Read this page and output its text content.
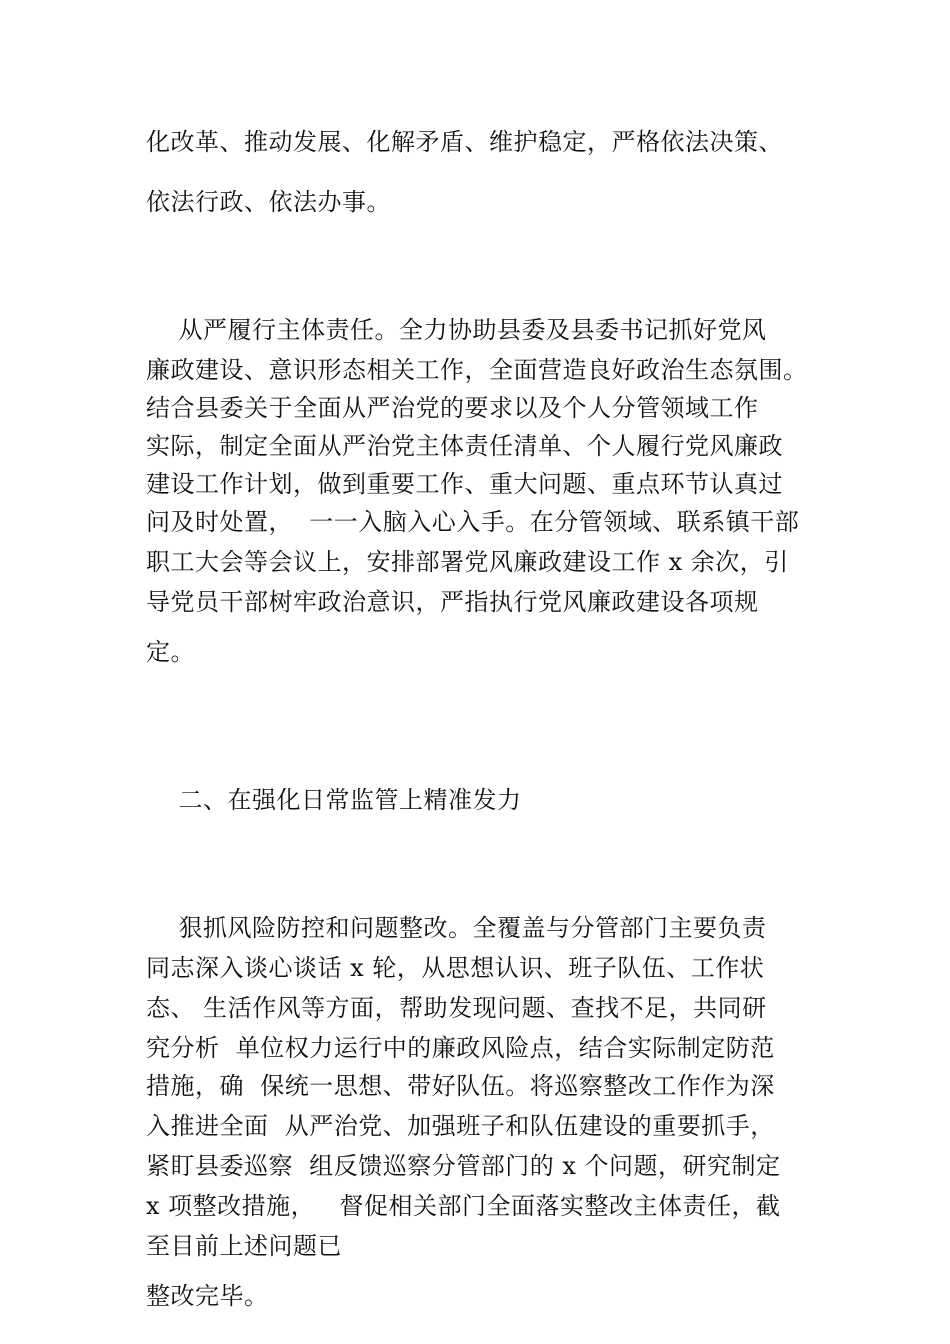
化改革、推动发展、化解矛盾、维护稳定，严格依法决策、
依法行政、依法办事。
从严履行主体责任。全力协助县委及县委书记抓好党风
廉政建设、意识形态相关工作，全面营造良好政治生态氛围。
结合县委关于全面从严治党的要求以及个人分管领域工作
实际，制定全面从严治党主体责任清单、个人履行党风廉政
建设工作计划，做到重要工作、重大问题、重点环节认真过
问及时处置，  一一入脑入心入手。在分管领域、联系镇干部
职工大会等会议上，安排部署党风廉政建设工作 x 余次，引
导党员干部树牢政治意识，严指执行党风廉政建设各项规
定。
二、在强化日常监管上精准发力
狠抓风险防控和问题整改。全覆盖与分管部门主要负责
同志深入谈心谈话 x 轮，从思想认识、班子队伍、工作状
态、 生活作风等方面，帮助发现问题、查找不足，共同研
究分析  单位权力运行中的廉政风险点，结合实际制定防范
措施，确  保统一思想、带好队伍。将巡察整改工作作为深
入推进全面  从严治党、加强班子和队伍建设的重要抓手，
紧盯县委巡察  组反馈巡察分管部门的 x 个问题，研究制定
x 项整改措施，   督促相关部门全面落实整改主体责任，截
至目前上述问题已
整改完毕。
